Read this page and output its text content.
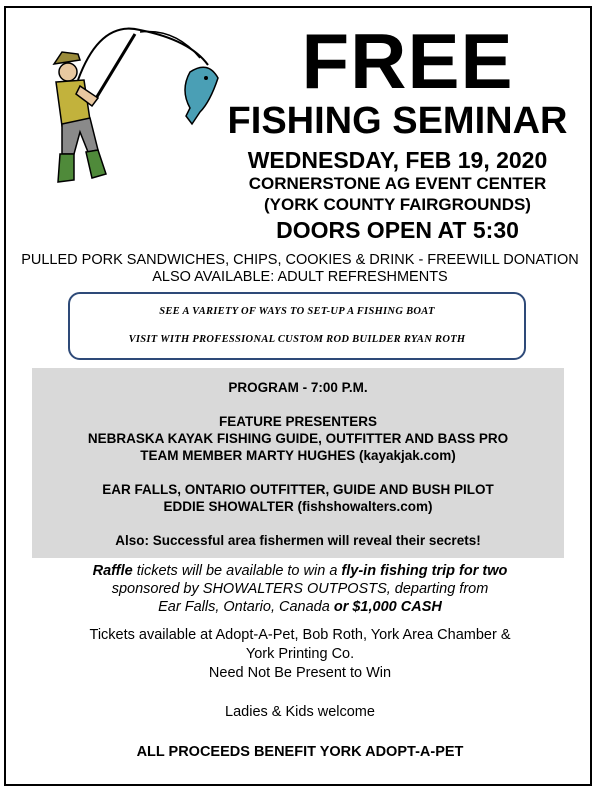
FREE
FISHING SEMINAR
WEDNESDAY, FEB 19, 2020
CORNERSTONE AG EVENT CENTER
(YORK COUNTY FAIRGROUNDS)
DOORS OPEN AT 5:30
PULLED PORK SANDWICHES, CHIPS, COOKIES & DRINK - FREEWILL DONATION
ALSO AVAILABLE: ADULT REFRESHMENTS
SEE A VARIETY OF WAYS TO SET-UP A FISHING BOAT
VISIT WITH PROFESSIONAL CUSTOM ROD BUILDER RYAN ROTH
PROGRAM - 7:00 P.M.
FEATURE PRESENTERS
NEBRASKA KAYAK FISHING GUIDE, OUTFITTER AND BASS PRO
TEAM MEMBER MARTY HUGHES (kayakjak.com)
EAR FALLS, ONTARIO OUTFITTER, GUIDE AND BUSH PILOT
EDDIE SHOWALTER (fishshowalters.com)
Also: Successful area fishermen will reveal their secrets!
Raffle tickets will be available to win a fly-in fishing trip for two
sponsored by SHOWALTERS OUTPOSTS, departing from
Ear Falls, Ontario, Canada or $1,000 CASH
Tickets available at Adopt-A-Pet, Bob Roth, York Area Chamber &
York Printing Co.
Need Not Be Present to Win
Ladies & Kids welcome
ALL PROCEEDS BENEFIT YORK ADOPT-A-PET
